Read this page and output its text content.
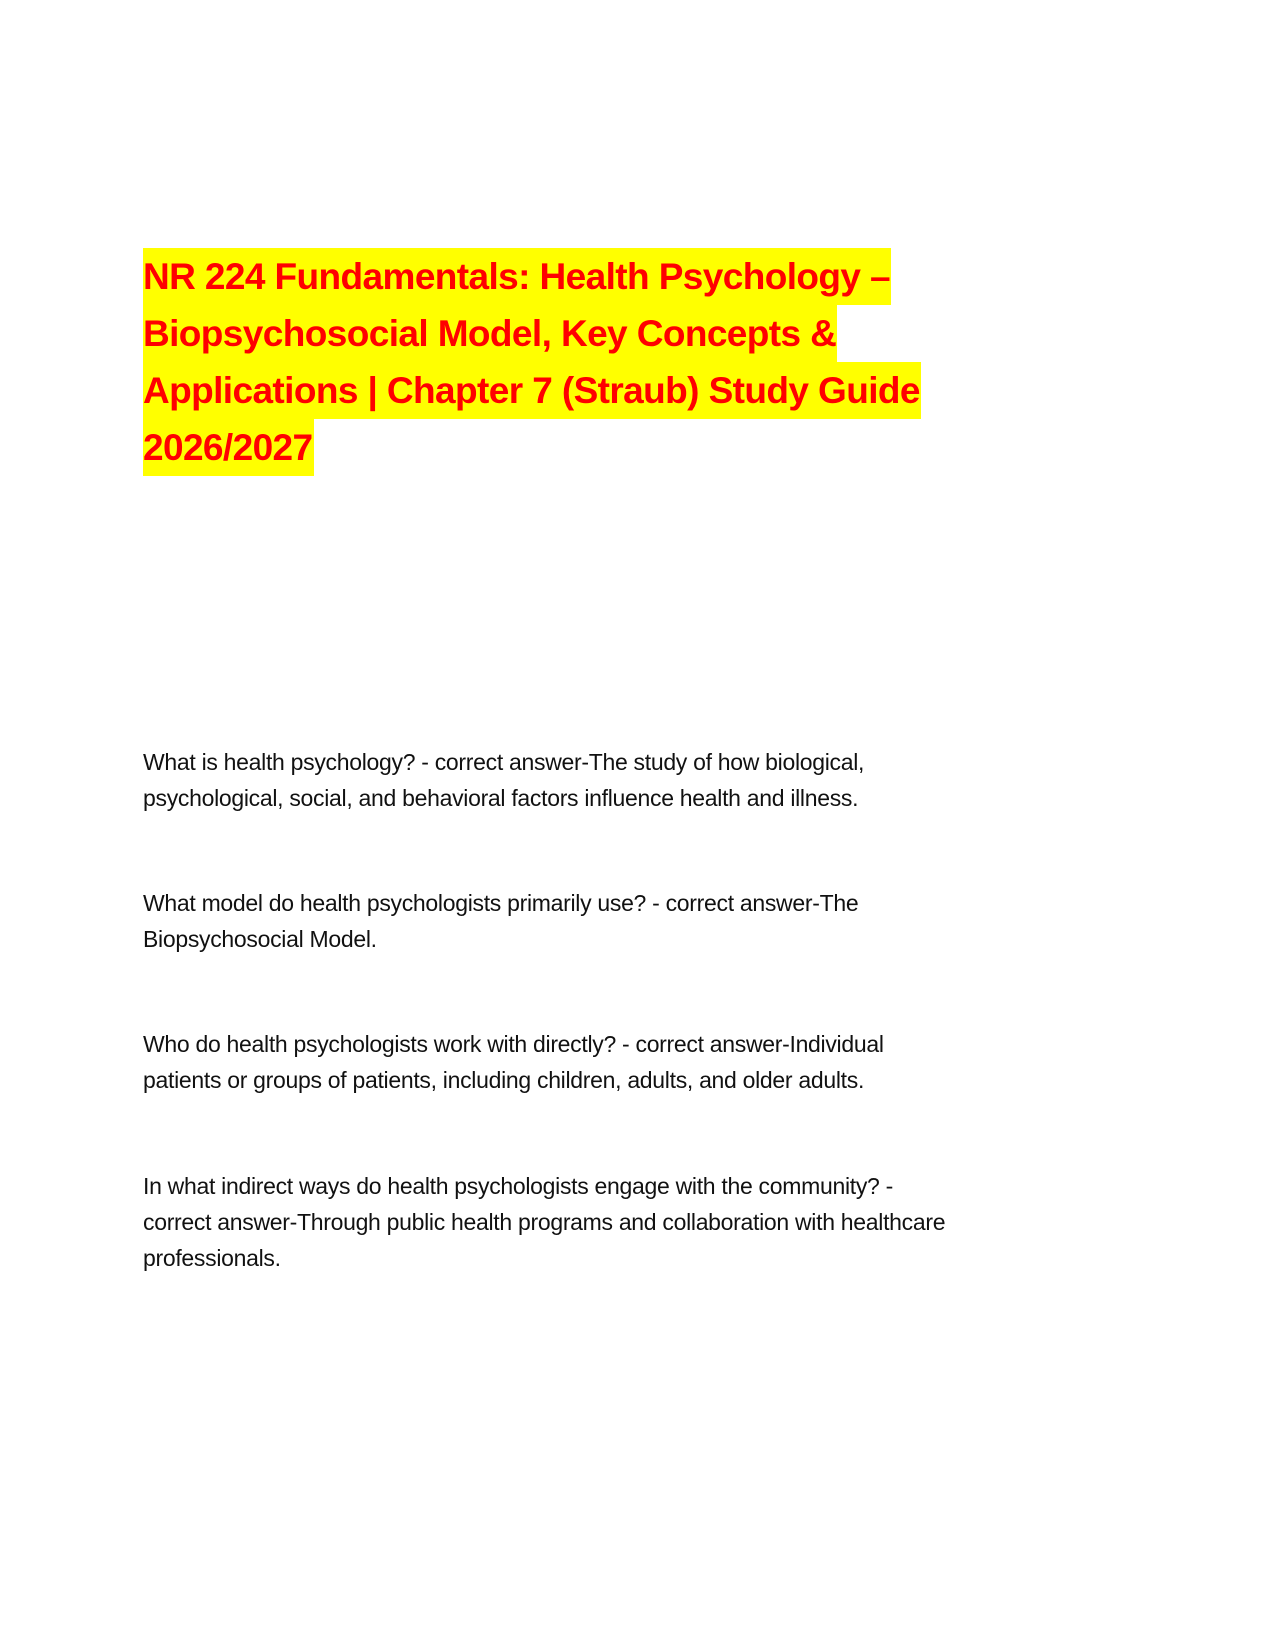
NR 224 Fundamentals: Health Psychology –
Biopsychosocial Model, Key Concepts &
Applications | Chapter 7 (Straub) Study Guide
2026/2027
What is health psychology? - correct answer-The study of how biological,
psychological, social, and behavioral factors influence health and illness.
What model do health psychologists primarily use? - correct answer-The
Biopsychosocial Model.
Who do health psychologists work with directly? - correct answer-Individual
patients or groups of patients, including children, adults, and older adults.
In what indirect ways do health psychologists engage with the community? -
correct answer-Through public health programs and collaboration with healthcare
professionals.
